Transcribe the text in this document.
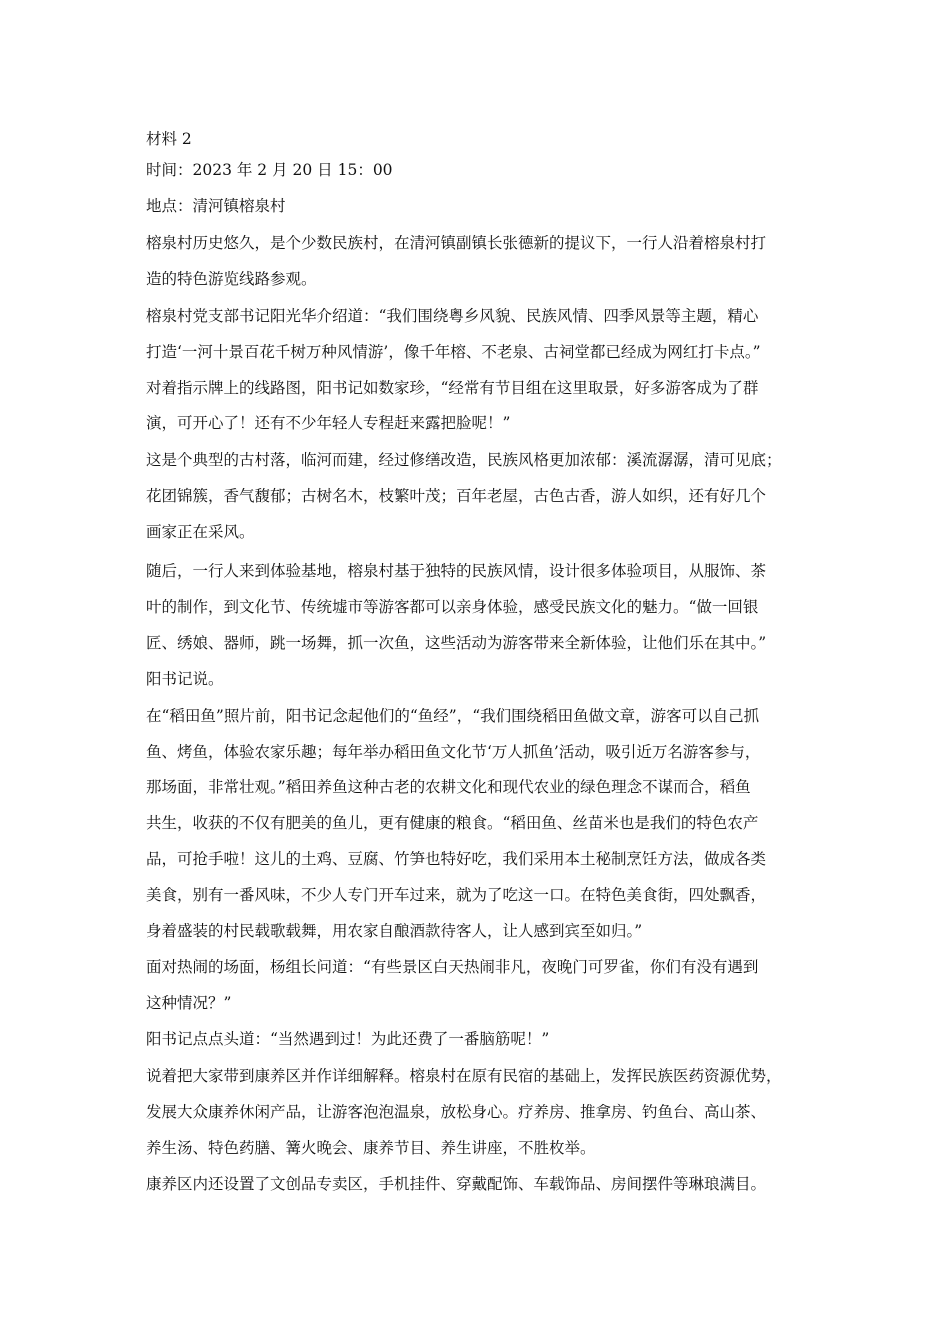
材料 2

时间：2023 年 2 月 20 日 15：00

地点：清河镇榕泉村

榕泉村历史悠久，是个少数民族村，在清河镇副镇长张德新的提议下，一行人沿着榕泉村打

造的特色游览线路参观。

榕泉村党支部书记阳光华介绍道：“我们围绕粤乡风貌、民族风情、四季风景等主题，精心

打造‘一河十景百花千树万种风情游’，像千年榕、不老泉、古祠堂都已经成为网红打卡点。”

对着指示牌上的线路图，阳书记如数家珍，“经常有节目组在这里取景，好多游客成为了群

演，可开心了！还有不少年轻人专程赶来露把脸呢！”

这是个典型的古村落，临河而建，经过修缮改造，民族风格更加浓郁：溪流潺潺，清可见底；

花团锦簇，香气馥郁；古树名木，枝繁叶茂；百年老屋，古色古香，游人如织，还有好几个

画家正在采风。

随后，一行人来到体验基地，榕泉村基于独特的民族风情，设计很多体验项目，从服饰、茶

叶的制作，到文化节、传统墟市等游客都可以亲身体验，感受民族文化的魅力。“做一回银

匠、绣娘、器师，跳一场舞，抓一次鱼，这些活动为游客带来全新体验，让他们乐在其中。”

阳书记说。

在“稻田鱼”照片前，阳书记念起他们的“鱼经”，“我们围绕稻田鱼做文章，游客可以自己抓

鱼、烤鱼，体验农家乐趣；每年举办稻田鱼文化节‘万人抓鱼’活动，吸引近万名游客参与，

那场面，非常壮观。”稻田养鱼这种古老的农耕文化和现代农业的绿色理念不谋而合，稻鱼

共生，收获的不仅有肥美的鱼儿，更有健康的粮食。“稻田鱼、丝苗米也是我们的特色农产

品，可抢手啦！这儿的土鸡、豆腐、竹笋也特好吃，我们采用本土秘制烹饪方法，做成各类

美食，别有一番风味，不少人专门开车过来，就为了吃这一口。在特色美食街，四处飘香，

身着盛装的村民载歌载舞，用农家自酿酒款待客人，让人感到宾至如归。”

面对热闹的场面，杨组长问道：“有些景区白天热闹非凡，夜晚门可罗雀，你们有没有遇到

这种情况？”

阳书记点点头道：“当然遇到过！为此还费了一番脑筋呢！”

说着把大家带到康养区并作详细解释。榕泉村在原有民宿的基础上，发挥民族医药资源优势，

发展大众康养休闲产品，让游客泡泡温泉，放松身心。疗养房、推拿房、钓鱼台、高山茶、

养生汤、特色药膳、篝火晚会、康养节目、养生讲座，不胜枚举。

康养区内还设置了文创品专卖区，手机挂件、穿戴配饰、车载饰品、房间摆件等琳琅满目。
